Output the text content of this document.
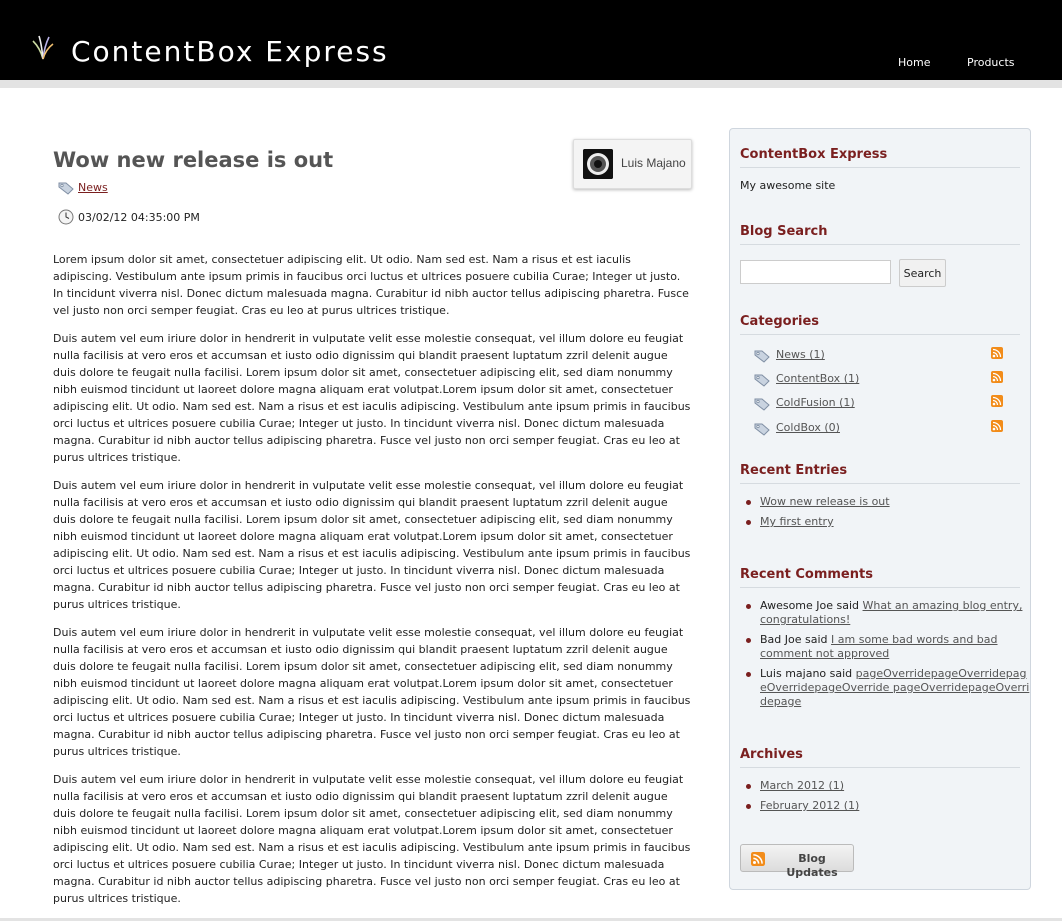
ContentBox Express	Home	Products
Wow new release is out
News
03/02/12 04:35:00 PM
Luis Majano

Lorem ipsum dolor sit amet, consectetuer adipiscing elit. Ut odio. Nam sed est. Nam a risus et est iaculis adipiscing. Vestibulum ante ipsum primis in faucibus orci luctus et ultrices posuere cubilia Curae; Integer ut justo. In tincidunt viverra nisl. Donec dictum malesuada magna. Curabitur id nibh auctor tellus adipiscing pharetra. Fusce vel justo non orci semper feugiat. Cras eu leo at purus ultrices tristique.

Duis autem vel eum iriure dolor in hendrerit in vulputate velit esse molestie consequat, vel illum dolore eu feugiat nulla facilisis at vero eros et accumsan et iusto odio dignissim qui blandit praesent luptatum zzril delenit augue duis dolore te feugait nulla facilisi. Lorem ipsum dolor sit amet, consectetuer adipiscing elit, sed diam nonummy nibh euismod tincidunt ut laoreet dolore magna aliquam erat volutpat.Lorem ipsum dolor sit amet, consectetuer adipiscing elit. Ut odio. Nam sed est. Nam a risus et est iaculis adipiscing. Vestibulum ante ipsum primis in faucibus orci luctus et ultrices posuere cubilia Curae; Integer ut justo. In tincidunt viverra nisl. Donec dictum malesuada magna. Curabitur id nibh auctor tellus adipiscing pharetra. Fusce vel justo non orci semper feugiat. Cras eu leo at purus ultrices tristique.

Duis autem vel eum iriure dolor in hendrerit in vulputate velit esse molestie consequat, vel illum dolore eu feugiat nulla facilisis at vero eros et accumsan et iusto odio dignissim qui blandit praesent luptatum zzril delenit augue duis dolore te feugait nulla facilisi. Lorem ipsum dolor sit amet, consectetuer adipiscing elit, sed diam nonummy nibh euismod tincidunt ut laoreet dolore magna aliquam erat volutpat.Lorem ipsum dolor sit amet, consectetuer adipiscing elit. Ut odio. Nam sed est. Nam a risus et est iaculis adipiscing. Vestibulum ante ipsum primis in faucibus orci luctus et ultrices posuere cubilia Curae; Integer ut justo. In tincidunt viverra nisl. Donec dictum malesuada magna. Curabitur id nibh auctor tellus adipiscing pharetra. Fusce vel justo non orci semper feugiat. Cras eu leo at purus ultrices tristique.

Duis autem vel eum iriure dolor in hendrerit in vulputate velit esse molestie consequat, vel illum dolore eu feugiat nulla facilisis at vero eros et accumsan et iusto odio dignissim qui blandit praesent luptatum zzril delenit augue duis dolore te feugait nulla facilisi. Lorem ipsum dolor sit amet, consectetuer adipiscing elit, sed diam nonummy nibh euismod tincidunt ut laoreet dolore magna aliquam erat volutpat.Lorem ipsum dolor sit amet, consectetuer adipiscing elit. Ut odio. Nam sed est. Nam a risus et est iaculis adipiscing. Vestibulum ante ipsum primis in faucibus orci luctus et ultrices posuere cubilia Curae; Integer ut justo. In tincidunt viverra nisl. Donec dictum malesuada magna. Curabitur id nibh auctor tellus adipiscing pharetra. Fusce vel justo non orci semper feugiat. Cras eu leo at purus ultrices tristique.

Duis autem vel eum iriure dolor in hendrerit in vulputate velit esse molestie consequat, vel illum dolore eu feugiat nulla facilisis at vero eros et accumsan et iusto odio dignissim qui blandit praesent luptatum zzril delenit augue duis dolore te feugait nulla facilisi. Lorem ipsum dolor sit amet, consectetuer adipiscing elit, sed diam nonummy nibh euismod tincidunt ut laoreet dolore magna aliquam erat volutpat.Lorem ipsum dolor sit amet, consectetuer adipiscing elit. Ut odio. Nam sed est. Nam a risus et est iaculis adipiscing. Vestibulum ante ipsum primis in faucibus orci luctus et ultrices posuere cubilia Curae; Integer ut justo. In tincidunt viverra nisl. Donec dictum malesuada magna. Curabitur id nibh auctor tellus adipiscing pharetra. Fusce vel justo non orci semper feugiat. Cras eu leo at purus ultrices tristique.

ContentBox Express
My awesome site
Blog Search
Search
Categories
News (1)
ContentBox (1)
ColdFusion (1)
ColdBox (0)
Recent Entries
Wow new release is out
My first entry
Recent Comments
Awesome Joe said What an amazing blog entry, congratulations!
Bad Joe said I am some bad words and bad comment not approved
Luis majano said pageOverridepageOverridepageOverridepageOverride pageOverridepageOverridepage
Archives
March 2012 (1)
February 2012 (1)
Blog Updates
